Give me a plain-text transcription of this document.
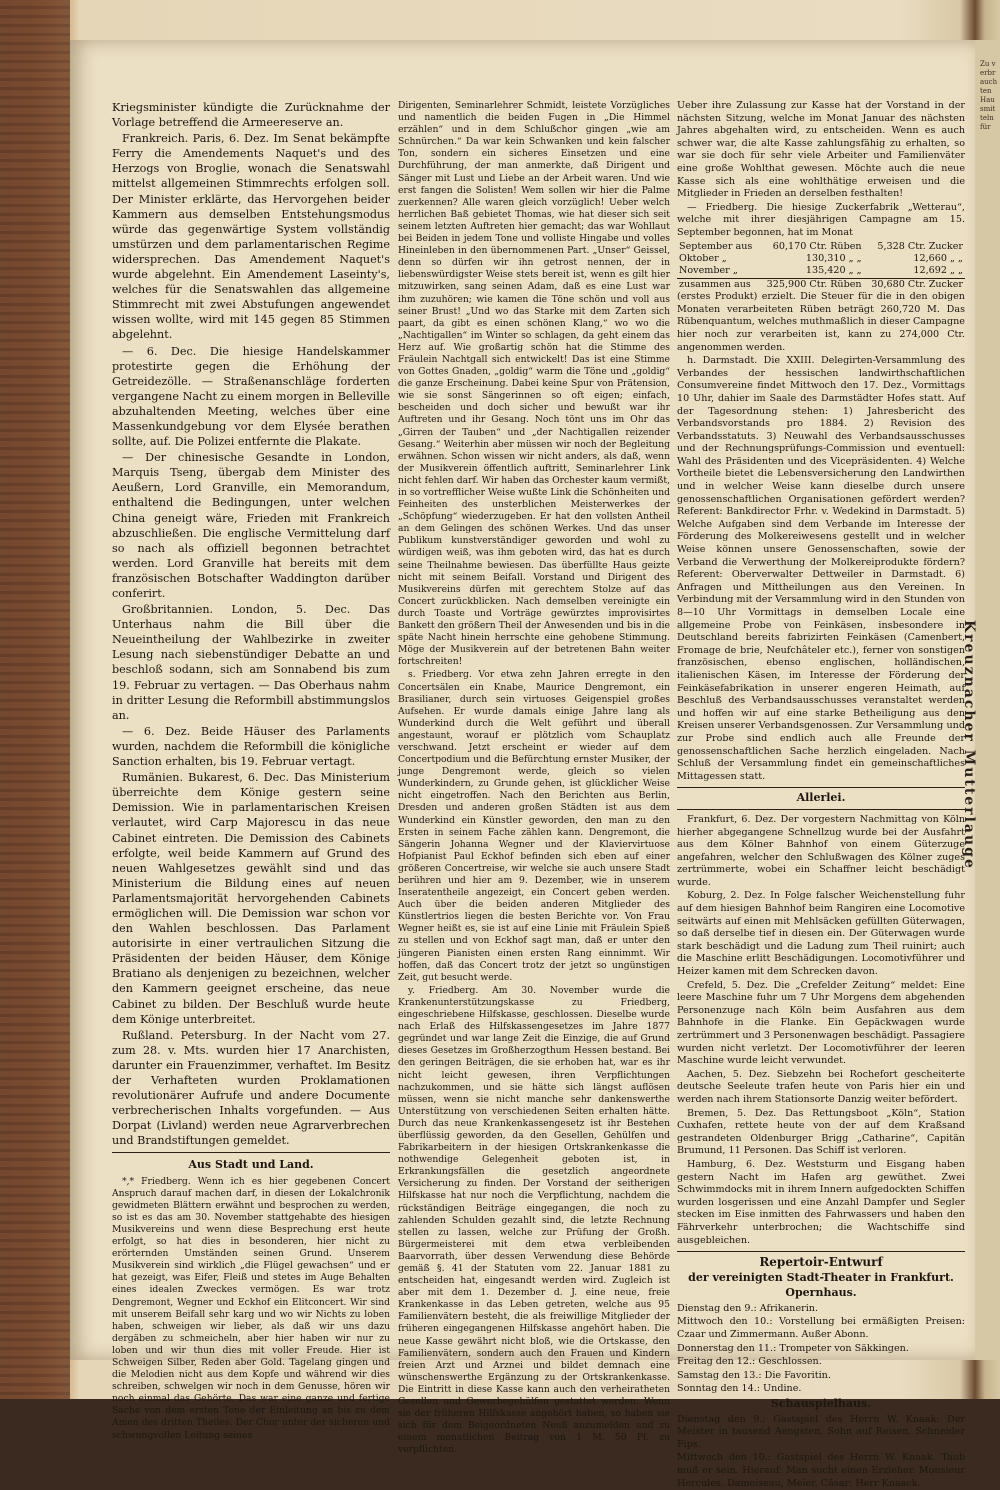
Zu verbrauchten Hausmitteln für

Kriegsminister kündigte die Zurücknahme der Vorlage betreffend die Armeereserve an.

Frankreich. Paris, 6. Dez. Im Senat bekämpfte Ferry die Amendements Naquet's und des Herzogs von Broglie, wonach die Senatswahl mittelst allgemeinen Stimmrechts erfolgen soll. Der Minister erklärte, das Hervorgehen beider Kammern aus demselben Entstehungsmodus würde das gegenwärtige System vollständig umstürzen und dem parlamentarischen Regime widersprechen. Das Amendement Naquet's wurde abgelehnt. Ein Amendement Laseinty's, welches für die Senatswahlen das allgemeine Stimmrecht mit zwei Abstufungen angewendet wissen wollte, wird mit 145 gegen 85 Stimmen abgelehnt.

— 6. Dec. Die hiesige Handelskammer protestirte gegen die Erhöhung der Getreidezölle. — Straßenanschläge forderten vergangene Nacht zu einem morgen in Belleville abzuhaltenden Meeting, welches über eine Massenkundgebung vor dem Elysée berathen sollte, auf. Die Polizei entfernte die Plakate.

— Der chinesische Gesandte in London, Marquis Tseng, übergab dem Minister des Aeußern, Lord Granville, ein Memorandum, enthaltend die Bedingungen, unter welchen China geneigt wäre, Frieden mit Frankreich abzuschließen. Die englische Vermittelung darf so nach als offiziell begonnen betrachtet werden. Lord Granville hat bereits mit dem französischen Botschafter Waddington darüber conferirt.

Großbritannien. London, 5. Dec. Das Unterhaus nahm die Bill über die Neueintheilung der Wahlbezirke in zweiter Lesung nach siebenstündiger Debatte an und beschloß sodann, sich am Sonnabend bis zum 19. Februar zu vertagen. — Das Oberhaus nahm in dritter Lesung die Reformbill abstimmungslos an.

— 6. Dez. Beide Häuser des Parlaments wurden, nachdem die Reformbill die königliche Sanction erhalten, bis 19. Februar vertagt.

Rumänien. Bukarest, 6. Dec. Das Ministerium überreichte dem Könige gestern seine Demission. Wie in parlamentarischen Kreisen verlautet, wird Carp Majorescu in das neue Cabinet eintreten. Die Demission des Cabinets erfolgte, weil beide Kammern auf Grund des neuen Wahlgesetzes gewählt sind und das Ministerium die Bildung eines auf neuen Parlamentsmajorität hervorgehenden Cabinets ermöglichen will. Die Demission war schon vor den Wahlen beschlossen. Das Parlament autorisirte in einer vertraulichen Sitzung die Präsidenten der beiden Häuser, dem Könige Bratiano als denjenigen zu bezeichnen, welcher den Kammern geeignet erscheine, das neue Cabinet zu bilden. Der Beschluß wurde heute dem Könige unterbreitet.

Rußland. Petersburg. In der Nacht vom 27. zum 28. v. Mts. wurden hier 17 Anarchisten, darunter ein Frauenzimmer, verhaftet. Im Besitz der Verhafteten wurden Proklamationen revolutionärer Aufrufe und andere Documente verbrecherischen Inhalts vorgefunden. — Aus Dorpat (Livland) werden neue Agrarverbrechen und Brandstiftungen gemeldet.

Aus Stadt und Land.

*,* Friedberg. Wenn ich es hier gegebenen Concert Anspruch darauf machen darf, in diesen der Lokalchronik gewidmeten Blättern erwähnt und besprochen zu werden, so ist es das am 30. November stattgehabte des hiesigen Musikvereins und wenn diese Besprechung erst heute erfolgt, so hat dies in besonderen, hier nicht zu erörternden Umständen seinen Grund. Unserem Musikverein sind wirklich „die Flügel gewachsen“ und er hat gezeigt, was Eifer, Fleiß und stetes im Auge Behalten eines idealen Zweckes vermögen. Es war trotz Dengremont, Wegner und Eckhof ein Elitconcert. Wir sind mit unserem Beifall sehr karg und wo wir Nichts zu loben haben, schweigen wir lieber, als daß wir uns dazu dergäben zu schmeicheln, aber hier haben wir nur zu loben und wir thun dies mit voller Freude. Hier ist Schweigen Silber, Reden aber Gold. Tagelang gingen und die Melodien nicht aus dem Kopfe und während wir dies schreiben, schwelgen wir noch in dem Genusse, hören wir noch einmal das Gehörte. Das war eine ganze und fertige Sache von dem ersten Tone der Einleitung an bis zu dem Amen des dritten Theiles. Der Chor unter der sicheren und schwungvollen Leitung seines

Dirigenten, Seminarlehrer Schmidt, leistete Vorzügliches und namentlich die beiden Fugen in „Die Himmel erzählen“ und in dem Schlußchor gingen „wie am Schnürchen.“ Da war kein Schwanken und kein falscher Ton, sondern ein sicheres Einsetzen und eine Durchführung, der man anmerkte, daß Dirigent und Sänger mit Lust und Liebe an der Arbeit waren. Und wie erst fangen die Solisten! Wem sollen wir hier die Palme zuerkennen? Alle waren gleich vorzüglich! Ueber welch herrlichen Baß gebietet Thomas, wie hat dieser sich seit seinem letzten Auftreten hier gemacht; das war Wohllaut bei Beiden in jedem Tone und volliste Hingabe und volles Hineinleben in den übernommenen Part. „Unser“ Geissel, denn so dürfen wir ihn getrost nennen, der in liebenswürdigster Weise stets bereit ist, wenn es gilt hier mitzuwirken, sang seinen Adam, daß es eine Lust war ihm zuzuhören; wie kamen die Töne schön und voll aus seiner Brust! „Und wo das Starke mit dem Zarten sich paart, da gibt es einen schönen Klang,“ wo wo die „Nachtigallen“ im Winter so schlagen, da geht einem das Herz auf. Wie großartig schön hat die Stimme des Fräulein Nachtgall sich entwickelt! Das ist eine Stimme von Gottes Gnaden, „goldig“ warm die Töne und „goldig“ die ganze Erscheinung. Dabei keine Spur von Prätension, wie sie sonst Sängerinnen so oft eigen; einfach, bescheiden und doch sicher und bewußt war ihr Auftreten und ihr Gesang. Noch tönt uns im Ohr das „Girren der Tauben“ und „der Nachtigallen reizender Gesang.“ Weiterhin aber müssen wir noch der Begleitung erwähnen. Schon wissen wir nicht anders, als daß, wenn der Musikverein öffentlich auftritt, Seminarlehrer Link nicht fehlen darf. Wir haben das Orchester kaum vermißt, in so vortrefflicher Weise wußte Link die Schönheiten und Feinheiten des unsterblichen Meisterwerkes der „Schöpfung“ wiederzugeben. Er hat den vollsten Antheil an dem Gelingen des schönen Werkes. Und das unser Publikum kunstverständiger geworden und wohl zu würdigen weiß, was ihm geboten wird, das hat es durch seine Theilnahme bewiesen. Das überfüllte Haus geizte nicht mit seinem Beifall. Vorstand und Dirigent des Musikvereins dürfen mit gerechtem Stolze auf das Concert zurückblicken. Nach demselben vereinigte ein durch Toaste und Vorträge gewürztes improvisirtes Bankett den größern Theil der Anwesenden und bis in die späte Nacht hinein herrschte eine gehobene Stimmung. Möge der Musikverein auf der betretenen Bahn weiter fortschreiten!

s. Friedberg. Vor etwa zehn Jahren erregte in den Concertsälen ein Knabe, Maurice Dengremont, ein Brasilianer, durch sein virtuoses Geigenspiel großes Aufsehen. Er wurde damals einige Jahre lang als Wunderkind durch die Welt geführt und überall angestaunt, worauf er plötzlich vom Schauplatz verschwand. Jetzt erscheint er wieder auf dem Concertpodium und die Befürchtung ernster Musiker, der junge Dengremont werde, gleich so vielen Wunderkindern, zu Grunde gehen, ist glücklicher Weise nicht eingetroffen. Nach den Berichten aus Berlin, Dresden und anderen großen Städten ist aus dem Wunderkind ein Künstler geworden, den man zu den Ersten in seinem Fache zählen kann. Dengremont, die Sängerin Johanna Wegner und der Klaviervirtuose Hofpianist Paul Eckhof befinden sich eben auf einer größeren Concertreise, wir welche sie auch unsere Stadt berühren und hier am 9. Dezember, wie in unserem Inseratentheile angezeigt, ein Concert geben werden. Auch über die beiden anderen Mitglieder des Künstlertrios liegen die besten Berichte vor. Von Frau Wegner heißt es, sie ist auf eine Linie mit Fräulein Spieß zu stellen und von Eckhof sagt man, daß er unter den jüngeren Pianisten einen ersten Rang einnimmt. Wir hoffen, daß das Concert trotz der jetzt so ungünstigen Zeit, gut besucht werde.

y. Friedberg. Am 30. November wurde die Krankenunterstützungskasse zu Friedberg, eingeschriebene Hilfskasse, geschlossen. Dieselbe wurde nach Erlaß des Hilfskassengesetzes im Jahre 1877 gegründet und war lange Zeit die Einzige, die auf Grund dieses Gesetzes im Großherzogthum Hessen bestand. Bei den geringen Beiträgen, die sie erhoben hat, war es ihr nicht leicht gewesen, ihren Verpflichtungen nachzukommen, und sie hätte sich längst auflösen müssen, wenn sie nicht manche sehr dankenswerthe Unterstützung von verschiedenen Seiten erhalten hätte. Durch das neue Krankenkassengesetz ist ihr Bestehen überflüssig geworden, da den Gesellen, Gehülfen und Fabrikarbeitern in der hiesigen Ortskrankenkasse die nothwendige Gelegenheit geboten ist, in Erkrankungsfällen die gesetzlich angeordnete Versicherung zu finden. Der Vorstand der seitherigen Hilfskasse hat nur noch die Verpflichtung, nachdem die rückständigen Beiträge eingegangen, die noch zu zahlenden Schulden gezahlt sind, die letzte Rechnung stellen zu lassen, welche zur Prüfung der Großh. Bürgermeisterei mit dem etwa verbleibenden Baarvorrath, über dessen Verwendung diese Behörde gemäß §. 41 der Statuten vom 22. Januar 1881 zu entscheiden hat, eingesandt werden wird. Zugleich ist aber mit dem 1. Dezember d. J. eine neue, freie Krankenkasse in das Leben getreten, welche aus 95 Familienvätern besteht, die als freiwillige Mitglieder der früheren eingegangenen Hilfskasse angehört haben. Die neue Kasse gewährt nicht bloß, wie die Ortskasse, den Familienvätern, sondern auch den Frauen und Kindern freien Arzt und Arznei und bildet demnach eine wünschenswerthe Ergänzung zu der Ortskrankenkasse. Die Eintritt in diese Kasse kann auch den verheiratheten Gesellen und Gewerbegehülfen gestattet werden. Wenn sie der früheren Hilfskasse angehört haben, so haben sie sich für dem Beigeordneten Neuß anzumelden und zu einem monatlichen Beitrag von 1 M. 50 Pf. zu verpflichten.

Ueber ihre Zulassung zur Kasse hat der Vorstand in der nächsten Sitzung, welche im Monat Januar des nächsten Jahres abgehalten wird, zu entscheiden. Wenn es auch schwer war, die alte Kasse zahlungsfähig zu erhalten, so war sie doch für sehr viele Arbeiter und Familienväter eine große Wohlthat gewesen. Möchte auch die neue Kasse sich als eine wohlthätige erweisen und die Mitglieder in Frieden an derselben festhalten!

— Friedberg. Die hiesige Zuckerfabrik „Wetterau“, welche mit ihrer diesjährigen Campagne am 15. September begonnen, hat im Monat

September aus	60,170 Ctr. Rüben	5,328 Ctr. Zucker
Oktober „	130,310 „ „	12,660 „ „
November „	135,420 „ „	12,692 „ „
zusammen aus	325,900 Ctr. Rüben	30,680 Ctr. Zucker

(erstes Produkt) erzielt. Die Steuer für die in den obigen Monaten verarbeiteten Rüben beträgt 260,720 M. Das Rübenquantum, welches muthmaßlich in dieser Campagne hier noch zur verarbeiten ist, kann zu 274,000 Ctr. angenommen werden.

h. Darmstadt. Die XXIII. Delegirten-Versammlung des Verbandes der hessischen landwirthschaftlichen Consumvereine findet Mittwoch den 17. Dez., Vormittags 10 Uhr, dahier im Saale des Darmstädter Hofes statt. Auf der Tagesordnung stehen: 1) Jahresbericht des Verbandsvorstands pro 1884. 2) Revision des Verbandsstatuts. 3) Neuwahl des Verbandsausschusses und der Rechnungsprüfungs-Commission und eventuell: Wahl des Präsidenten und des Vicepräsidenten. 4) Welche Vortheile bietet die Lebensversicherung den Landwirthen und in welcher Weise kann dieselbe durch unsere genossenschaftlichen Organisationen gefördert werden? Referent: Bankdirector Frhr. v. Wedekind in Darmstadt. 5) Welche Aufgaben sind dem Verbande im Interesse der Förderung des Molkereiwesens gestellt und in welcher Weise können unsere Genossenschaften, sowie der Verband die Verwerthung der Molkereiprodukte fördern? Referent: Oberverwalter Dettweiler in Darmstadt. 6) Anfragen und Mittheilungen aus den Vereinen. In Verbindung mit der Versammlung wird in den Stunden von 8—10 Uhr Vormittags in demselben Locale eine allgemeine Probe von Feinkäsen, insbesondere in Deutschland bereits fabrizirten Feinkäsen (Camenbert, Fromage de brie, Neufchâteler etc.), ferner von sonstigen französischen, ebenso englischen, holländischen, italienischen Käsen, im Interesse der Förderung der Feinkäsefabrikation in unserer engeren Heimath, auf Beschluß des Verbandsausschusses veranstaltet werden und hoffen wir auf eine starke Betheiligung aus den Kreisen unserer Verbandsgenossen. Zur Versammlung und zur Probe sind endlich auch alle Freunde der genossenschaftlichen Sache herzlich eingeladen. Nach Schluß der Versammlung findet ein gemeinschaftliches Mittagessen statt.

Allerlei.

Frankfurt, 6. Dez. Der vorgestern Nachmittag von Köln hierher abgegangene Schnellzug wurde bei der Ausfahrt aus dem Kölner Bahnhof von einem Güterzuge angefahren, welcher den Schlußwagen des Kölner zuges zertrümmerte, wobei ein Schaffner leicht beschädigt wurde.

Koburg, 2. Dez. In Folge falscher Weichenstellung fuhr auf dem hiesigen Bahnhof beim Rangiren eine Locomotive seitwärts auf einen mit Mehlsäcken gefüllten Güterwagen, so daß derselbe tief in diesen ein. Der Güterwagen wurde stark beschädigt und die Ladung zum Theil ruinirt; auch die Maschine erlitt Beschädigungen. Locomotivführer und Heizer kamen mit dem Schrecken davon.

Crefeld, 5. Dez. Die „Crefelder Zeitung“ meldet: Eine leere Maschine fuhr um 7 Uhr Morgens dem abgehenden Personenzuge nach Köln beim Ausfahren aus dem Bahnhofe in die Flanke. Ein Gepäckwagen wurde zertrümmert und 3 Personenwagen beschädigt. Passagiere wurden nicht verletzt. Der Locomotivführer der leeren Maschine wurde leicht verwundet.

Aachen, 5. Dez. Siebzehn bei Rochefort gescheiterte deutsche Seeleute trafen heute von Paris hier ein und werden nach ihrem Stationsorte Danzig weiter befördert.

Bremen, 5. Dez. Das Rettungsboot „Köln“, Station Cuxhafen, rettete heute von der auf dem Kraßsand gestrandeten Oldenburger Brigg „Catharine“, Capitän Brumund, 11 Personen. Das Schiff ist verloren.

Hamburg, 6. Dez. Weststurm und Eisgang haben gestern Nacht im Hafen arg gewüthet. Zwei Schwimmdocks mit in ihrem Innern aufgedockten Schiffen wurden losgerissen und eine Anzahl Dampfer und Segler stecken im Eise inmitten des Fahrwassers und haben den Fährverkehr unterbrochen; die Wachtschiffe sind ausgebleichen.

Repertoir-Entwurf
der vereinigten Stadt-Theater in Frankfurt.
Opernhaus.

Dienstag den 9.: Afrikanerin.

Mittwoch den 10.: Vorstellung bei ermäßigten Preisen: Czaar und Zimmermann. Außer Abonn.

Donnerstag den 11.: Trompeter von Säkkingen.

Freitag den 12.: Geschlossen.

Samstag den 13.: Die Favoritin.

Sonntag den 14.: Undine.

Schauspielhaus.

Dienstag den 9.: Gastspiel des Herrn W. Knaak: Der Meister in tausend Aengsten. Sohn auf Reisen. Schneider Fips.

Mittwoch den 10.: Gastspiel des Herrn W. Knaak. Taub muß er sein. Hierauf: Man sucht einen Erzieher. Monsieur Hercules. Damoiseau, Meier, Cäsar: Herr Knaack.

Kreuznacher Mutterlauge
